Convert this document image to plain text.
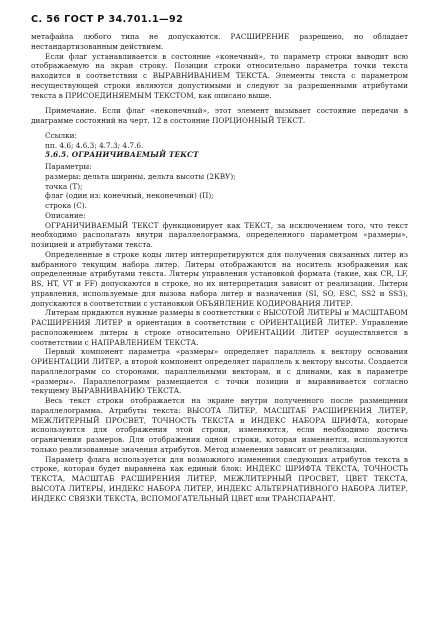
С. 56 ГОСТ Р 34.701.1—92

метафайла любого типа не допускаются. РАСШИРЕНИЕ разрешено, но обладает нестандартизованным действием.

Если флаг устанавливается в состояние «конечный», то параметр строки выводит всю отображаемую на экран строку. Позиция строки относительно параметра точки текста находится в соответствии с ВЫРАВНИВАНИЕМ ТЕКСТА. Элементы текста с параметром несуществующей строки являются допустимыми и следуют за разрешенными атрибутами текста в ПРИСОЕДИНЯЕМЫМ ТЕКСТОМ, как описано выше.

Примечание. Если флаг «неконечный», этот элемент вызывает состояние передачи в диаграмме состояний на черт. 12 в состояние ПОРЦИОННЫЙ ТЕКСТ.

Ссылки:

пп. 4.6; 4.6.3; 4.7.3; 4.7.6.

5.6.5. ОГРАНИЧИВАЕМЫЙ ТЕКСТ

Параметры:

размеры: дельта ширины, дельта высоты (2КВУ);

точка (Т);

флаг (один из: конечный, неконечный) (П);

строка (С).

Описание:

ОГРАНИЧИВАЕМЫЙ ТЕКСТ функционирует как ТЕКСТ, за исключением того, что текст необходимо располагать внутри параллелограмма, определенного параметром «размеры», позицией и атрибутами текста.

Определенные в строке коды литер интерпретируются для получения связанных литер из выбранного текущим набора литер. Литеры отображаются на носитель изображения как определенные атрибутами текста. Литеры управления установкой формата (такие, как CR, LF, BS, HT, VT и FF) допускаются в строке, но их интерпретация зависит от реализации. Литеры управления, используемые для вызова набора литер и назначения (SI, SO, ESC, SS2 и SS3), допускаются в соответствии с установкой ОБЪЯВЛЕНИЕ КОДИРОВАНИЯ ЛИТЕР.

Литерам придаются нужные размеры в соответствии с ВЫСОТОЙ ЛИТЕРЫ и МАСШТАБОМ РАСШИРЕНИЯ ЛИТЕР и ориентация в соответствии с ОРИЕНТАЦИЕЙ ЛИТЕР. Управление расположением литеры в строке относительно ОРИЕНТАЦИИ ЛИТЕР осуществляется в соответствии с НАПРАВЛЕНИЕМ ТЕКСТА.

Первый компонент параметра «размеры» определяет параллель к вектору основания ОРИЕНТАЦИИ ЛИТЕР, а второй компонент определяет параллель к вектору высоты. Создается параллелограмм со сторонами, параллельными векторам, и с длинами, как в параметре «размеры». Параллелограмм размещается с точки позиции и выравнивается согласно текущему ВЫРАВНИВАНИЮ ТЕКСТА.

Весь текст строки отображается на экране внутри полученного после размещения параллелограмма. Атрибуты текста: ВЫСОТА ЛИТЕР, МАСШТАБ РАСШИРЕНИЯ ЛИТЕР, МЕЖЛИТЕРНЫЙ ПРОСВЕТ, ТОЧНОСТЬ ТЕКСТА и ИНДЕКС НАБОРА ШРИФТА, которые используются для отображения этой строки, изменяются, если необходимо достичь ограничения размеров. Для отображения одной строки, которая изменяется, используются только реализованные значения атрибутов. Метод изменения зависит от реализации.

Параметр флага используется для возможного изменения следующих атрибутов текста в строке, которая будет выравнена как единый блок: ИНДЕКС ШРИФТА ТЕКСТА, ТОЧНОСТЬ ТЕКСТА, МАСШТАБ РАСШИРЕНИЯ ЛИТЕР, МЕЖЛИТЕРНЫЙ ПРОСВЕТ, ЦВЕТ ТЕКСТА, ВЫСОТА ЛИТЕРЫ, ИНДЕКС НАБОРА ЛИТЕР, ИНДЕКС АЛЬТЕРНАТИВНОГО НАБОРА ЛИТЕР, ИНДЕКС СВЯЗКИ ТЕКСТА, ВСПОМОГАТЕЛЬНЫЙ ЦВЕТ или ТРАНСПАРАНТ.
